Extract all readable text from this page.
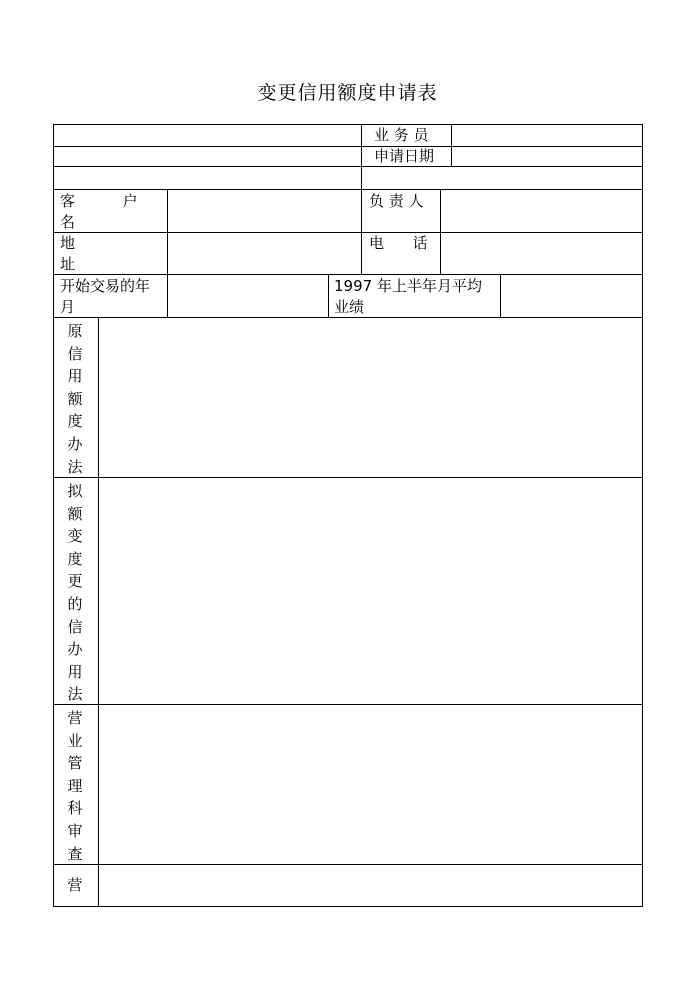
变更信用额度申请表
业 务 员
申请日期
客          户
名
负 责 人
地
址
电      话
开始交易的年
月
1997 年上半年月平均
业绩
原信用额度办法
拟额变度更的信办用法
营业管理科审查
营
